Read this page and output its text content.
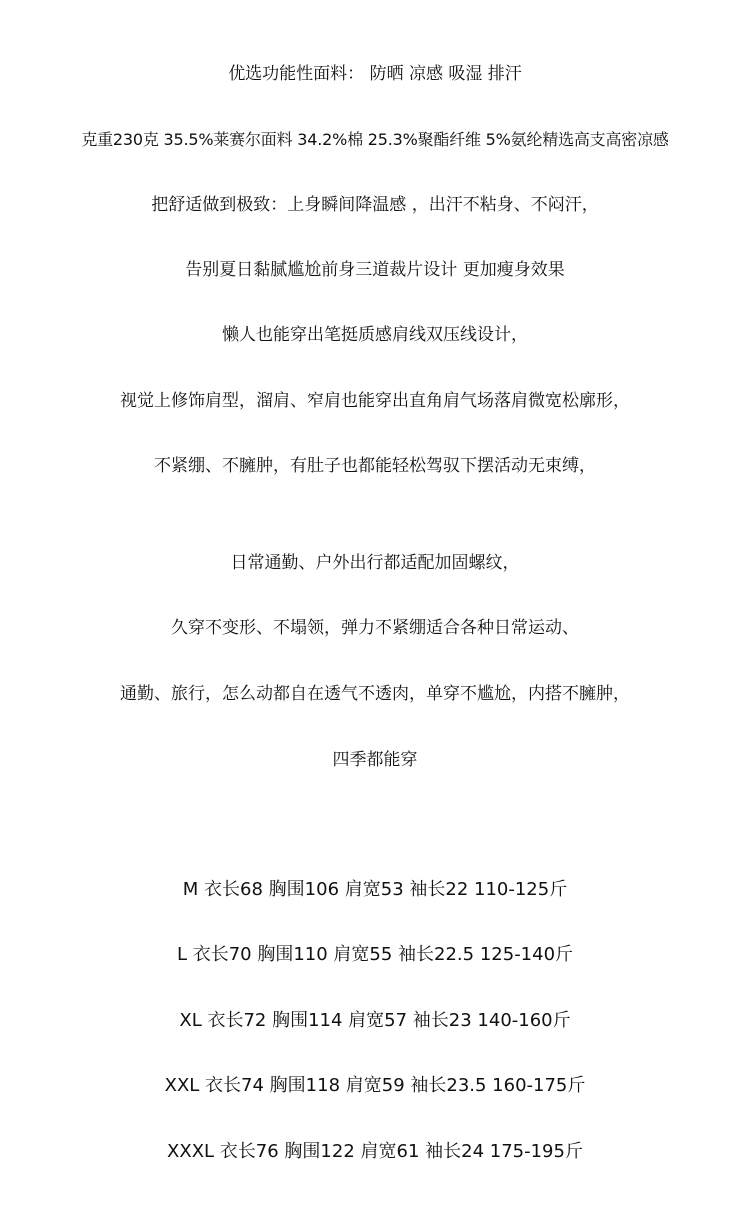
优选功能性面料： 防晒 凉感 吸湿 排汗
克重230克 35.5%莱赛尔面料 34.2%棉 25.3%聚酯纤维 5%氨纶精选高支高密凉感
把舒适做到极致：上身瞬间降温感 ，出汗不粘身、不闷汗，
告别夏日黏腻尴尬前身三道裁片设计 更加瘦身效果
懒人也能穿出笔挺质感肩线双压线设计，
视觉上修饰肩型，溜肩、窄肩也能穿出直角肩气场落肩微宽松廓形，
不紧绷、不臃肿，有肚子也都能轻松驾驭下摆活动无束缚，
日常通勤、户外出行都适配加固螺纹，
久穿不变形、不塌领，弹力不紧绷适合各种日常运动、
通勤、旅行，怎么动都自在透气不透肉，单穿不尴尬，内搭不臃肿，
四季都能穿
M 衣长68 胸围106 肩宽53 袖长22 110-125斤
L 衣长70 胸围110 肩宽55 袖长22.5 125-140斤
XL 衣长72 胸围114 肩宽57 袖长23 140-160斤
XXL 衣长74 胸围118 肩宽59 袖长23.5 160-175斤
XXXL 衣长76 胸围122 肩宽61 袖长24 175-195斤
